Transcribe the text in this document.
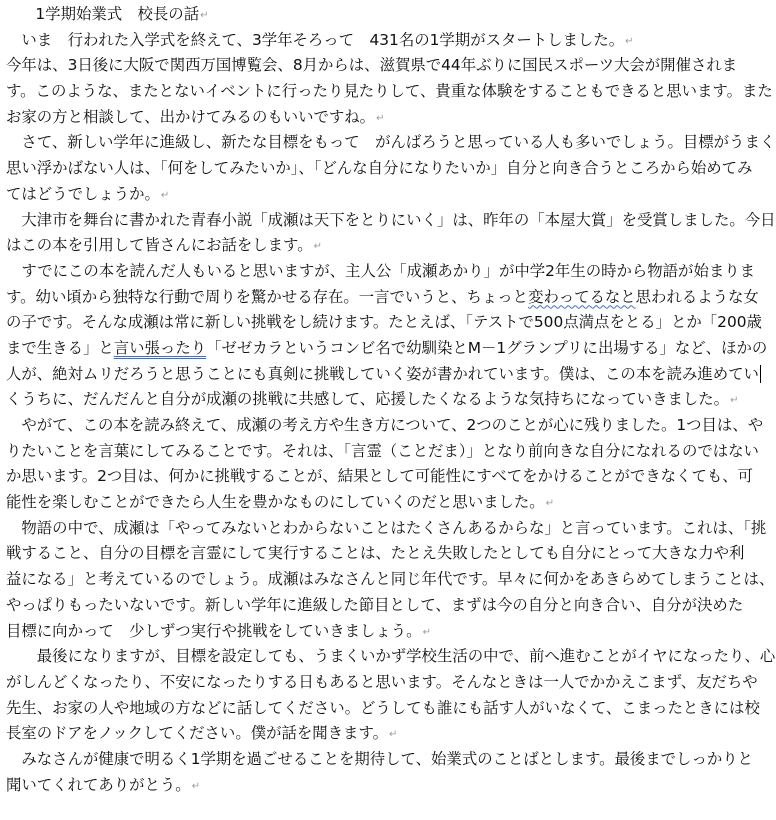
　1学期始業式　校長の話↵
　いま　行われた入学式を終えて、3学年そろって　431名の1学期がスタートしました。↵
今年は、3日後に大阪で関西万国博覧会、8月からは、滋賀県で44年ぶりに国民スポーツ大会が開催されま
す。このような、またとないイベントに行ったり見たりして、貴重な体験をすることもできると思います。また
お家の方と相談して、出かけてみるのもいいですね。↵
　さて、新しい学年に進級し、新たな目標をもって　がんばろうと思っている人も多いでしょう。目標がうまく
思い浮かばない人は、「何をしてみたいか」、「どんな自分になりたいか」自分と向き合うところから始めてみ
てはどうでしょうか。↵
　大津市を舞台に書かれた青春小説「成瀬は天下をとりにいく」は、昨年の「本屋大賞」を受賞しました。今日
はこの本を引用して皆さんにお話をします。↵
　すでにこの本を読んだ人もいると思いますが、主人公「成瀬あかり」が中学2年生の時から物語が始まりま
す。幼い頃から独特な行動で周りを驚かせる存在。一言でいうと、ちょっと変わってるなと思われるような女
の子です。そんな成瀬は常に新しい挑戦をし続けます。たとえば、「テストで500点満点をとる」とか「200歳
まで生きる」と言い張ったり「ゼゼカラというコンビ名で幼馴染とM－1グランプリに出場する」など、ほかの
人が、絶対ムリだろうと思うことにも真剣に挑戦していく姿が書かれています。僕は、この本を読み進めてい
くうちに、だんだんと自分が成瀬の挑戦に共感して、応援したくなるような気持ちになっていきました。↵
　やがて、この本を読み終えて、成瀬の考え方や生き方について、2つのことが心に残りました。1つ目は、や
りたいことを言葉にしてみることです。それは、「言霊（ことだま）」となり前向きな自分になれるのではない
か思います。2つ目は、何かに挑戦することが、結果として可能性にすべてをかけることができなくても、可
能性を楽しむことができたら人生を豊かなものにしていくのだと思いました。↵
　物語の中で、成瀬は「やってみないとわからないことはたくさんあるからな」と言っています。これは、「挑
戦すること、自分の目標を言霊にして実行することは、たとえ失敗したとしても自分にとって大きな力や利
益になる」と考えているのでしょう。成瀬はみなさんと同じ年代です。早々に何かをあきらめてしまうことは、
やっぱりもったいないです。新しい学年に進級した節目として、まずは今の自分と向き合い、自分が決めた
目標に向かって　少しずつ実行や挑戦をしていきましょう。↵
　　最後になりますが、目標を設定しても、うまくいかず学校生活の中で、前へ進むことがイヤになったり、心
がしんどくなったり、不安になったりする日もあると思います。そんなときは一人でかかえこまず、友だちや
先生、お家の人や地域の方などに話してください。どうしても誰にも話す人がいなくて、こまったときには校
長室のドアをノックしてください。僕が話を聞きます。↵
　みなさんが健康で明るく1学期を過ごせることを期待して、始業式のことばとします。最後までしっかりと
聞いてくれてありがとう。↵
